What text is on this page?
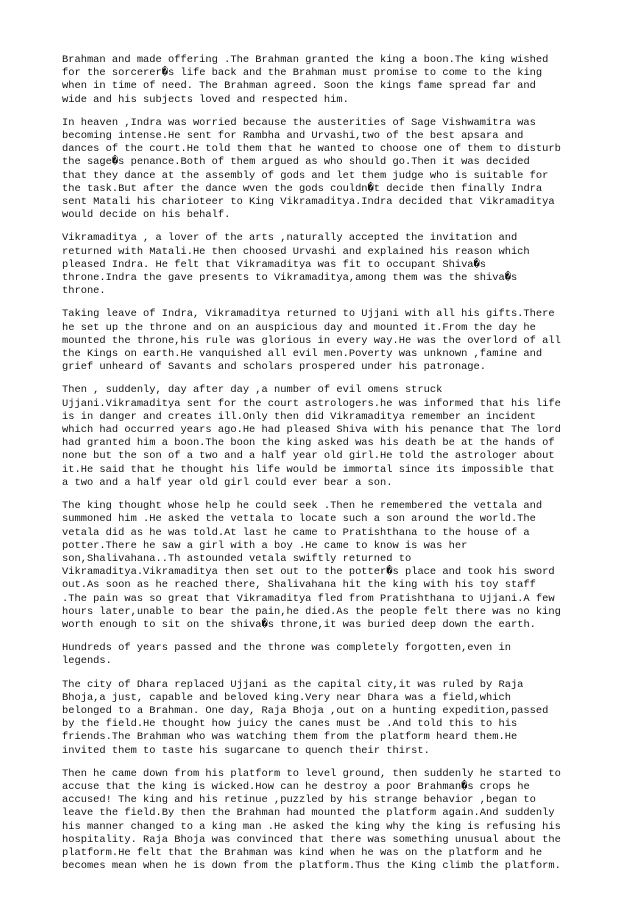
Brahman and made offering .The Brahman granted the king a boon.The king wished
for the sorcerer�s life back and the Brahman must promise to come to the king
when in time of need. The Brahman agreed. Soon the kings fame spread far and
wide and his subjects loved and respected him.

In heaven ,Indra was worried because the austerities of Sage Vishwamitra was
becoming intense.He sent for Rambha and Urvashi,two of the best apsara and
dances of the court.He told them that he wanted to choose one of them to disturb
the sage�s penance.Both of them argued as who should go.Then it was decided
that they dance at the assembly of gods and let them judge who is suitable for
the task.But after the dance wven the gods couldn�t decide then finally Indra
sent Matali his charioteer to King Vikramaditya.Indra decided that Vikramaditya
would decide on his behalf.

Vikramaditya , a lover of the arts ,naturally accepted the invitation and
returned with Matali.He then choosed Urvashi and explained his reason which
pleased Indra. He felt that Vikramaditya was fit to occupant Shiva�s
throne.Indra the gave presents to Vikramaditya,among them was the shiva�s
throne.

Taking leave of Indra, Vikramaditya returned to Ujjani with all his gifts.There
he set up the throne and on an auspicious day and mounted it.From the day he
mounted the throne,his rule was glorious in every way.He was the overlord of all
the Kings on earth.He vanquished all evil men.Poverty was unknown ,famine and
grief unheard of Savants and scholars prospered under his patronage.

Then , suddenly, day after day ,a number of evil omens struck
Ujjani.Vikramaditya sent for the court astrologers.he was informed that his life
is in danger and creates ill.Only then did Vikramaditya remember an incident
which had occurred years ago.He had pleased Shiva with his penance that The lord
had granted him a boon.The boon the king asked was his death be at the hands of
none but the son of a two and a half year old girl.He told the astrologer about
it.He said that he thought his life would be immortal since its impossible that
a two and a half year old girl could ever bear a son.

The king thought whose help he could seek .Then he remembered the vettala and
summoned him .He asked the vettala to locate such a son around the world.The
vetala did as he was told.At last he came to Pratishthana to the house of a
potter.There he saw a girl with a boy .He came to know is was her
son,Shalivahana..Th astounded vetala swiftly returned to
Vikramaditya.Vikramaditya then set out to the potter�s place and took his sword
out.As soon as he reached there, Shalivahana hit the king with his toy staff
.The pain was so great that Vikramaditya fled from Pratishthana to Ujjani.A few
hours later,unable to bear the pain,he died.As the people felt there was no king
worth enough to sit on the shiva�s throne,it was buried deep down the earth.

Hundreds of years passed and the throne was completely forgotten,even in
legends.

The city of Dhara replaced Ujjani as the capital city,it was ruled by Raja
Bhoja,a just, capable and beloved king.Very near Dhara was a field,which
belonged to a Brahman. One day, Raja Bhoja ,out on a hunting expedition,passed
by the field.He thought how juicy the canes must be .And told this to his
friends.The Brahman who was watching them from the platform heard them.He
invited them to taste his sugarcane to quench their thirst.

Then he came down from his platform to level ground, then suddenly he started to
accuse that the king is wicked.How can he destroy a poor Brahman�s crops he
accused! The king and his retinue ,puzzled by his strange behavior ,began to
leave the field.By then the Brahman had mounted the platform again.And suddenly
his manner changed to a king man .He asked the king why the king is refusing his
hospitality. Raja Bhoja was convinced that there was something unusual about the
platform.He felt that the Brahman was kind when he was on the platform and he
becomes mean when he is down from the platform.Thus the King climb the platform.
